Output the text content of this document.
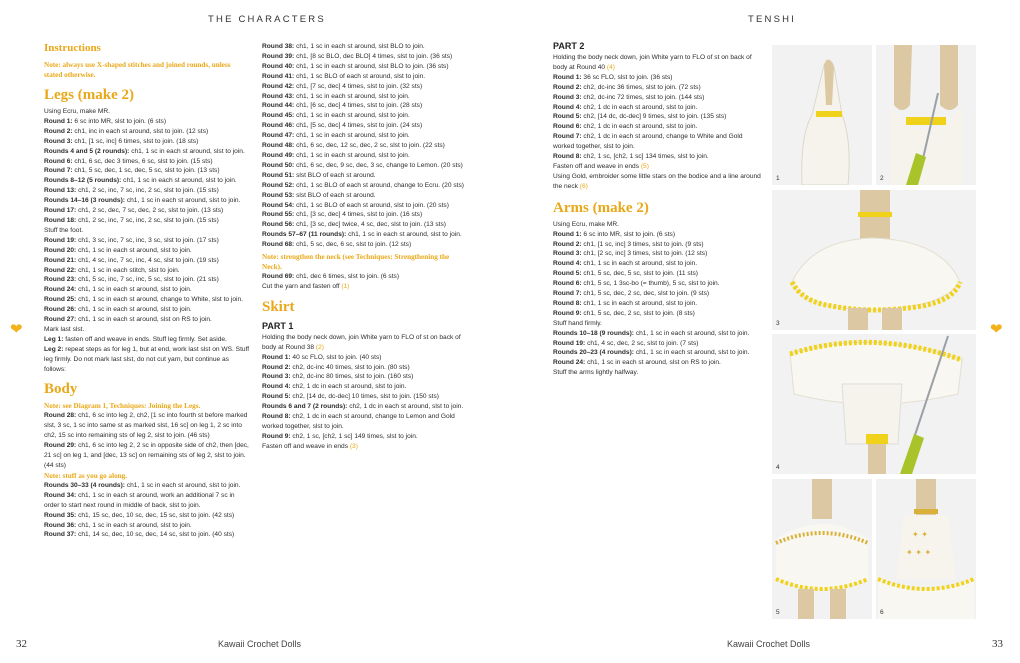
THE CHARACTERS	TENSHI
❤	❤
Instructions

Note: always use X-shaped stitches and joined rounds, unless stated otherwise.

Legs (make 2)

Using Ecru, make MR.

Round 1: 6 sc into MR, slst to join. (6 sts)

Round 2: ch1, inc in each st around, slst to join. (12 sts)

Round 3: ch1, [1 sc, inc] 6 times, slst to join. (18 sts)

Rounds 4 and 5 (2 rounds): ch1, 1 sc in each st around, slst to join.

Round 6: ch1, 6 sc, dec 3 times, 6 sc, slst to join. (15 sts)

Round 7: ch1, 5 sc, dec, 1 sc, dec, 5 sc, slst to join. (13 sts)

Rounds 8–12 (5 rounds): ch1, 1 sc in each st around, slst to join.

Round 13: ch1, 2 sc, inc, 7 sc, inc, 2 sc, slst to join. (15 sts)

Rounds 14–16 (3 rounds): ch1, 1 sc in each st around, slst to join.

Round 17: ch1, 2 sc, dec, 7 sc, dec, 2 sc, slst to join. (13 sts)

Round 18: ch1, 2 sc, inc, 7 sc, inc, 2 sc, slst to join. (15 sts)

Stuff the foot.

Round 19: ch1, 3 sc, inc, 7 sc, inc, 3 sc, slst to join. (17 sts)

Round 20: ch1, 1 sc in each st around, slst to join.

Round 21: ch1, 4 sc, inc, 7 sc, inc, 4 sc, slst to join. (19 sts)

Round 22: ch1, 1 sc in each stitch, slst to join.

Round 23: ch1, 5 sc, inc, 7 sc, inc, 5 sc, slst to join. (21 sts)

Round 24: ch1, 1 sc in each st around, slst to join.

Round 25: ch1, 1 sc in each st around, change to White, slst to join.

Round 26: ch1, 1 sc in each st around, slst to join.

Round 27: ch1, 1 sc in each st around, slst on RS to join.

Mark last slst.

Leg 1: fasten off and weave in ends. Stuff leg firmly. Set aside.

Leg 2: repeat steps as for leg 1, but at end, work last slst on WS. Stuff leg firmly. Do not mark last slst, do not cut yarn, but continue as follows:

Body

Note: see Diagram 1, Techniques: Joining the Legs.

Round 28: ch1, 6 sc into leg 2, ch2, [1 sc into fourth st before marked slst, 3 sc, 1 sc into same st as marked slst, 16 sc] on leg 1, 2 sc into ch2, 15 sc into remaining sts of leg 2, slst to join. (46 sts)

Round 29: ch1, 6 sc into leg 2, 2 sc in opposite side of ch2, then [dec, 21 sc] on leg 1, and [dec, 13 sc] on remaining sts of leg 2, slst to join. (44 sts)

Note: stuff as you go along.

Rounds 30–33 (4 rounds): ch1, 1 sc in each st around, slst to join.

Round 34: ch1, 1 sc in each st around, work an additional 7 sc in order to start next round in middle of back, slst to join.

Round 35: ch1, 15 sc, dec, 10 sc, dec, 15 sc, slst to join. (42 sts)

Round 36: ch1, 1 sc in each st around, slst to join.

Round 37: ch1, 14 sc, dec, 10 sc, dec, 14 sc, slst to join. (40 sts)

Round 38: ch1, 1 sc in each st around, slst BLO to join.

Round 39: ch1, [8 sc BLO, dec BLO] 4 times, slst to join. (36 sts)

Round 40: ch1, 1 sc in each st around, slst BLO to join. (36 sts)

Round 41: ch1, 1 sc BLO of each st around, slst to join.

Round 42: ch1, [7 sc, dec] 4 times, slst to join. (32 sts)

Round 43: ch1, 1 sc in each st around, slst to join.

Round 44: ch1, [6 sc, dec] 4 times, slst to join. (28 sts)

Round 45: ch1, 1 sc in each st around, slst to join.

Round 46: ch1, [5 sc, dec] 4 times, slst to join. (24 sts)

Round 47: ch1, 1 sc in each st around, slst to join.

Round 48: ch1, 6 sc, dec, 12 sc, dec, 2 sc, slst to join. (22 sts)

Round 49: ch1, 1 sc in each st around, slst to join.

Round 50: ch1, 6 sc, dec, 9 sc, dec, 3 sc, change to Lemon. (20 sts)

Round 51: slst BLO of each st around.

Round 52: ch1, 1 sc BLO of each st around, change to Ecru. (20 sts)

Round 53: slst BLO of each st around.

Round 54: ch1, 1 sc BLO of each st around, slst to join. (20 sts)

Round 55: ch1, [3 sc, dec] 4 times, slst to join. (16 sts)

Round 56: ch1, [3 sc, dec] twice, 4 sc, dec, slst to join. (13 sts)

Rounds 57–67 (11 rounds): ch1, 1 sc in each st around, slst to join.

Round 68: ch1, 5 sc, dec, 6 sc, slst to join. (12 sts)

Note: strengthen the neck (see Techniques: Strengthening the Neck).

Round 69: ch1, dec 6 times, slst to join. (6 sts)

Cut the yarn and fasten off (1)

Skirt
PART 1

Holding the body neck down, join White yarn to FLO of st on back of body at Round 38 (2)

Round 1: 40 sc FLO, slst to join. (40 sts)

Round 2: ch2, dc-inc 40 times, slst to join. (80 sts)

Round 3: ch2, dc-inc 80 times, slst to join. (160 sts)

Round 4: ch2, 1 dc in each st around, slst to join.

Round 5: ch2, [14 dc, dc-dec] 10 times, slst to join. (150 sts)

Rounds 6 and 7 (2 rounds): ch2, 1 dc in each st around, slst to join.

Round 8: ch2, 1 dc in each st around, change to Lemon and Gold worked together, slst to join.

Round 9: ch2, 1 sc, [ch2, 1 sc] 149 times, slst to join.

Fasten off and weave in ends (3)

PART 2

Holding the body neck down, join White yarn to FLO of st on back of body at Round 40 (4)

Round 1: 36 sc FLO, slst to join. (36 sts)

Round 2: ch2, dc-inc 36 times, slst to join. (72 sts)

Round 3: ch2, dc-inc 72 times, slst to join. (144 sts)

Round 4: ch2, 1 dc in each st around, slst to join.

Round 5: ch2, [14 dc, dc-dec] 9 times, slst to join. (135 sts)

Round 6: ch2, 1 dc in each st around, slst to join.

Round 7: ch2, 1 dc in each st around, change to White and Gold worked together, slst to join.

Round 8: ch2, 1 sc, [ch2, 1 sc] 134 times, slst to join.

Fasten off and weave in ends (5)

Using Gold, embroider some little stars on the bodice and a line around the neck (6)

Arms (make 2)

Using Ecru, make MR.

Round 1: 6 sc into MR, slst to join. (6 sts)

Round 2: ch1, [1 sc, inc] 3 times, slst to join. (9 sts)

Round 3: ch1, [2 sc, inc] 3 times, slst to join. (12 sts)

Round 4: ch1, 1 sc in each st around, slst to join.

Round 5: ch1, 5 sc, dec, 5 sc, slst to join. (11 sts)

Round 6: ch1, 5 sc, 1 3sc-bo (= thumb), 5 sc, slst to join.

Round 7: ch1, 5 sc, dec, 2 sc, dec, slst to join. (9 sts)

Round 8: ch1, 1 sc in each st around, slst to join.

Round 9: ch1, 5 sc, dec, 2 sc, slst to join. (8 sts)

Stuff hand firmly.

Rounds 10–18 (9 rounds): ch1, 1 sc in each st around, slst to join.

Round 19: ch1, 4 sc, dec, 2 sc, slst to join. (7 sts)

Rounds 20–23 (4 rounds): ch1, 1 sc in each st around, slst to join.

Round 24: ch1, 1 sc in each st around, slst on RS to join.

Stuff the arms lightly halfway.

1	2
3
4
5
✦ ✦
✦ ✦ ✦
6
32	Kawaii Crochet Dolls	Kawaii Crochet Dolls	33
